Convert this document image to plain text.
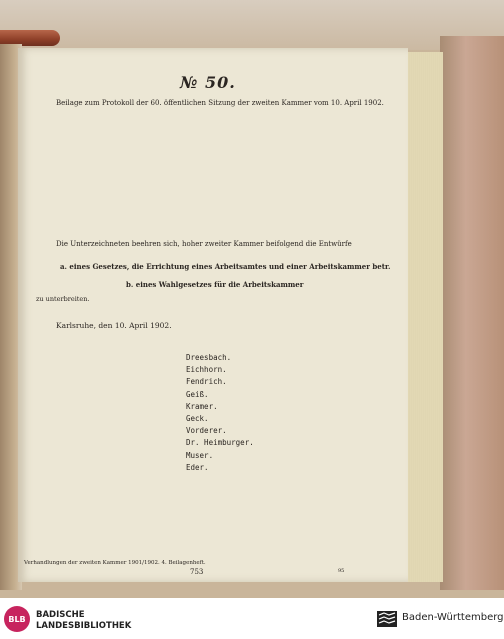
№ 50.
Beilage zum Protokoll der 60. öffentlichen Sitzung der zweiten Kammer vom 10. April 1902.
Die Unterzeichneten beehren sich, hoher zweiter Kammer beifolgend die Entwürfe
a. eines Gesetzes, die Errichtung eines Arbeitsamtes und einer Arbeitskammer betr.
b. eines Wahlgesetzes für die Arbeitskammer
zu unterbreiten.
Karlsruhe, den 10. April 1902.
Dreesbach.
Eichhorn.
Fendrich.
Geiß.
Kramer.
Geck.
Vorderer.
Dr. Heimburger.
Muser.
Eder.
Verhandlungen der zweiten Kammer 1901/1902. 4. Beilagenheft.
753	95
BLB	BADISCHE
LANDESBIBLIOTHEK
Baden-Württemberg
